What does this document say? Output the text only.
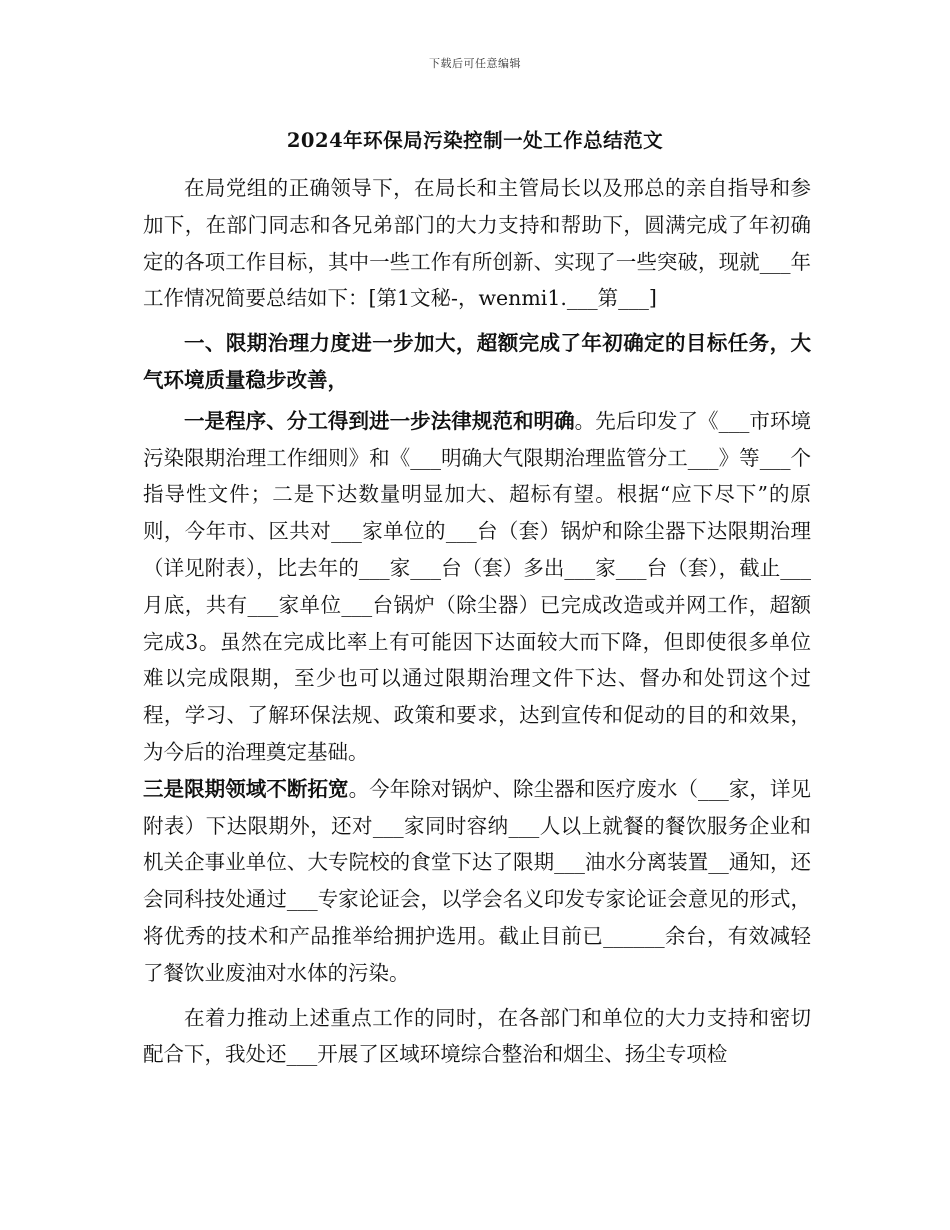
下载后可任意编辑
2024年环保局污染控制一处工作总结范文

在局党组的正确领导下，在局长和主管局长以及邢总的亲自指导和参加下，在部门同志和各兄弟部门的大力支持和帮助下，圆满完成了年初确定的各项工作目标，其中一些工作有所创新、实现了一些突破，现就___年工作情况简要总结如下：[第1文秘-，wenmi1.___第___]

一、限期治理力度进一步加大，超额完成了年初确定的目标任务，大气环境质量稳步改善，

一是程序、分工得到进一步法律规范和明确。先后印发了《___市环境污染限期治理工作细则》和《___明确大气限期治理监管分工___》等___个指导性文件；二是下达数量明显加大、超标有望。根据“应下尽下”的原则，今年市、区共对___家单位的___台（套）锅炉和除尘器下达限期治理（详见附表），比去年的___家___台（套）多出___家___台（套），截止___月底，共有___家单位___台锅炉（除尘器）已完成改造或并网工作，超额完成3。虽然在完成比率上有可能因下达面较大而下降，但即使很多单位难以完成限期，至少也可以通过限期治理文件下达、督办和处罚这个过程，学习、了解环保法规、政策和要求，达到宣传和促动的目的和效果，为今后的治理奠定基础。

三是限期领域不断拓宽。今年除对锅炉、除尘器和医疗废水（___家，详见附表）下达限期外，还对___家同时容纳___人以上就餐的餐饮服务企业和机关企事业单位、大专院校的食堂下达了限期___油水分离装置__通知，还会同科技处通过___专家论证会，以学会名义印发专家论证会意见的形式，将优秀的技术和产品推举给拥护选用。截止目前已______余台，有效减轻了餐饮业废油对水体的污染。

在着力推动上述重点工作的同时，在各部门和单位的大力支持和密切配合下，我处还___开展了区域环境综合整治和烟尘、扬尘专项检
